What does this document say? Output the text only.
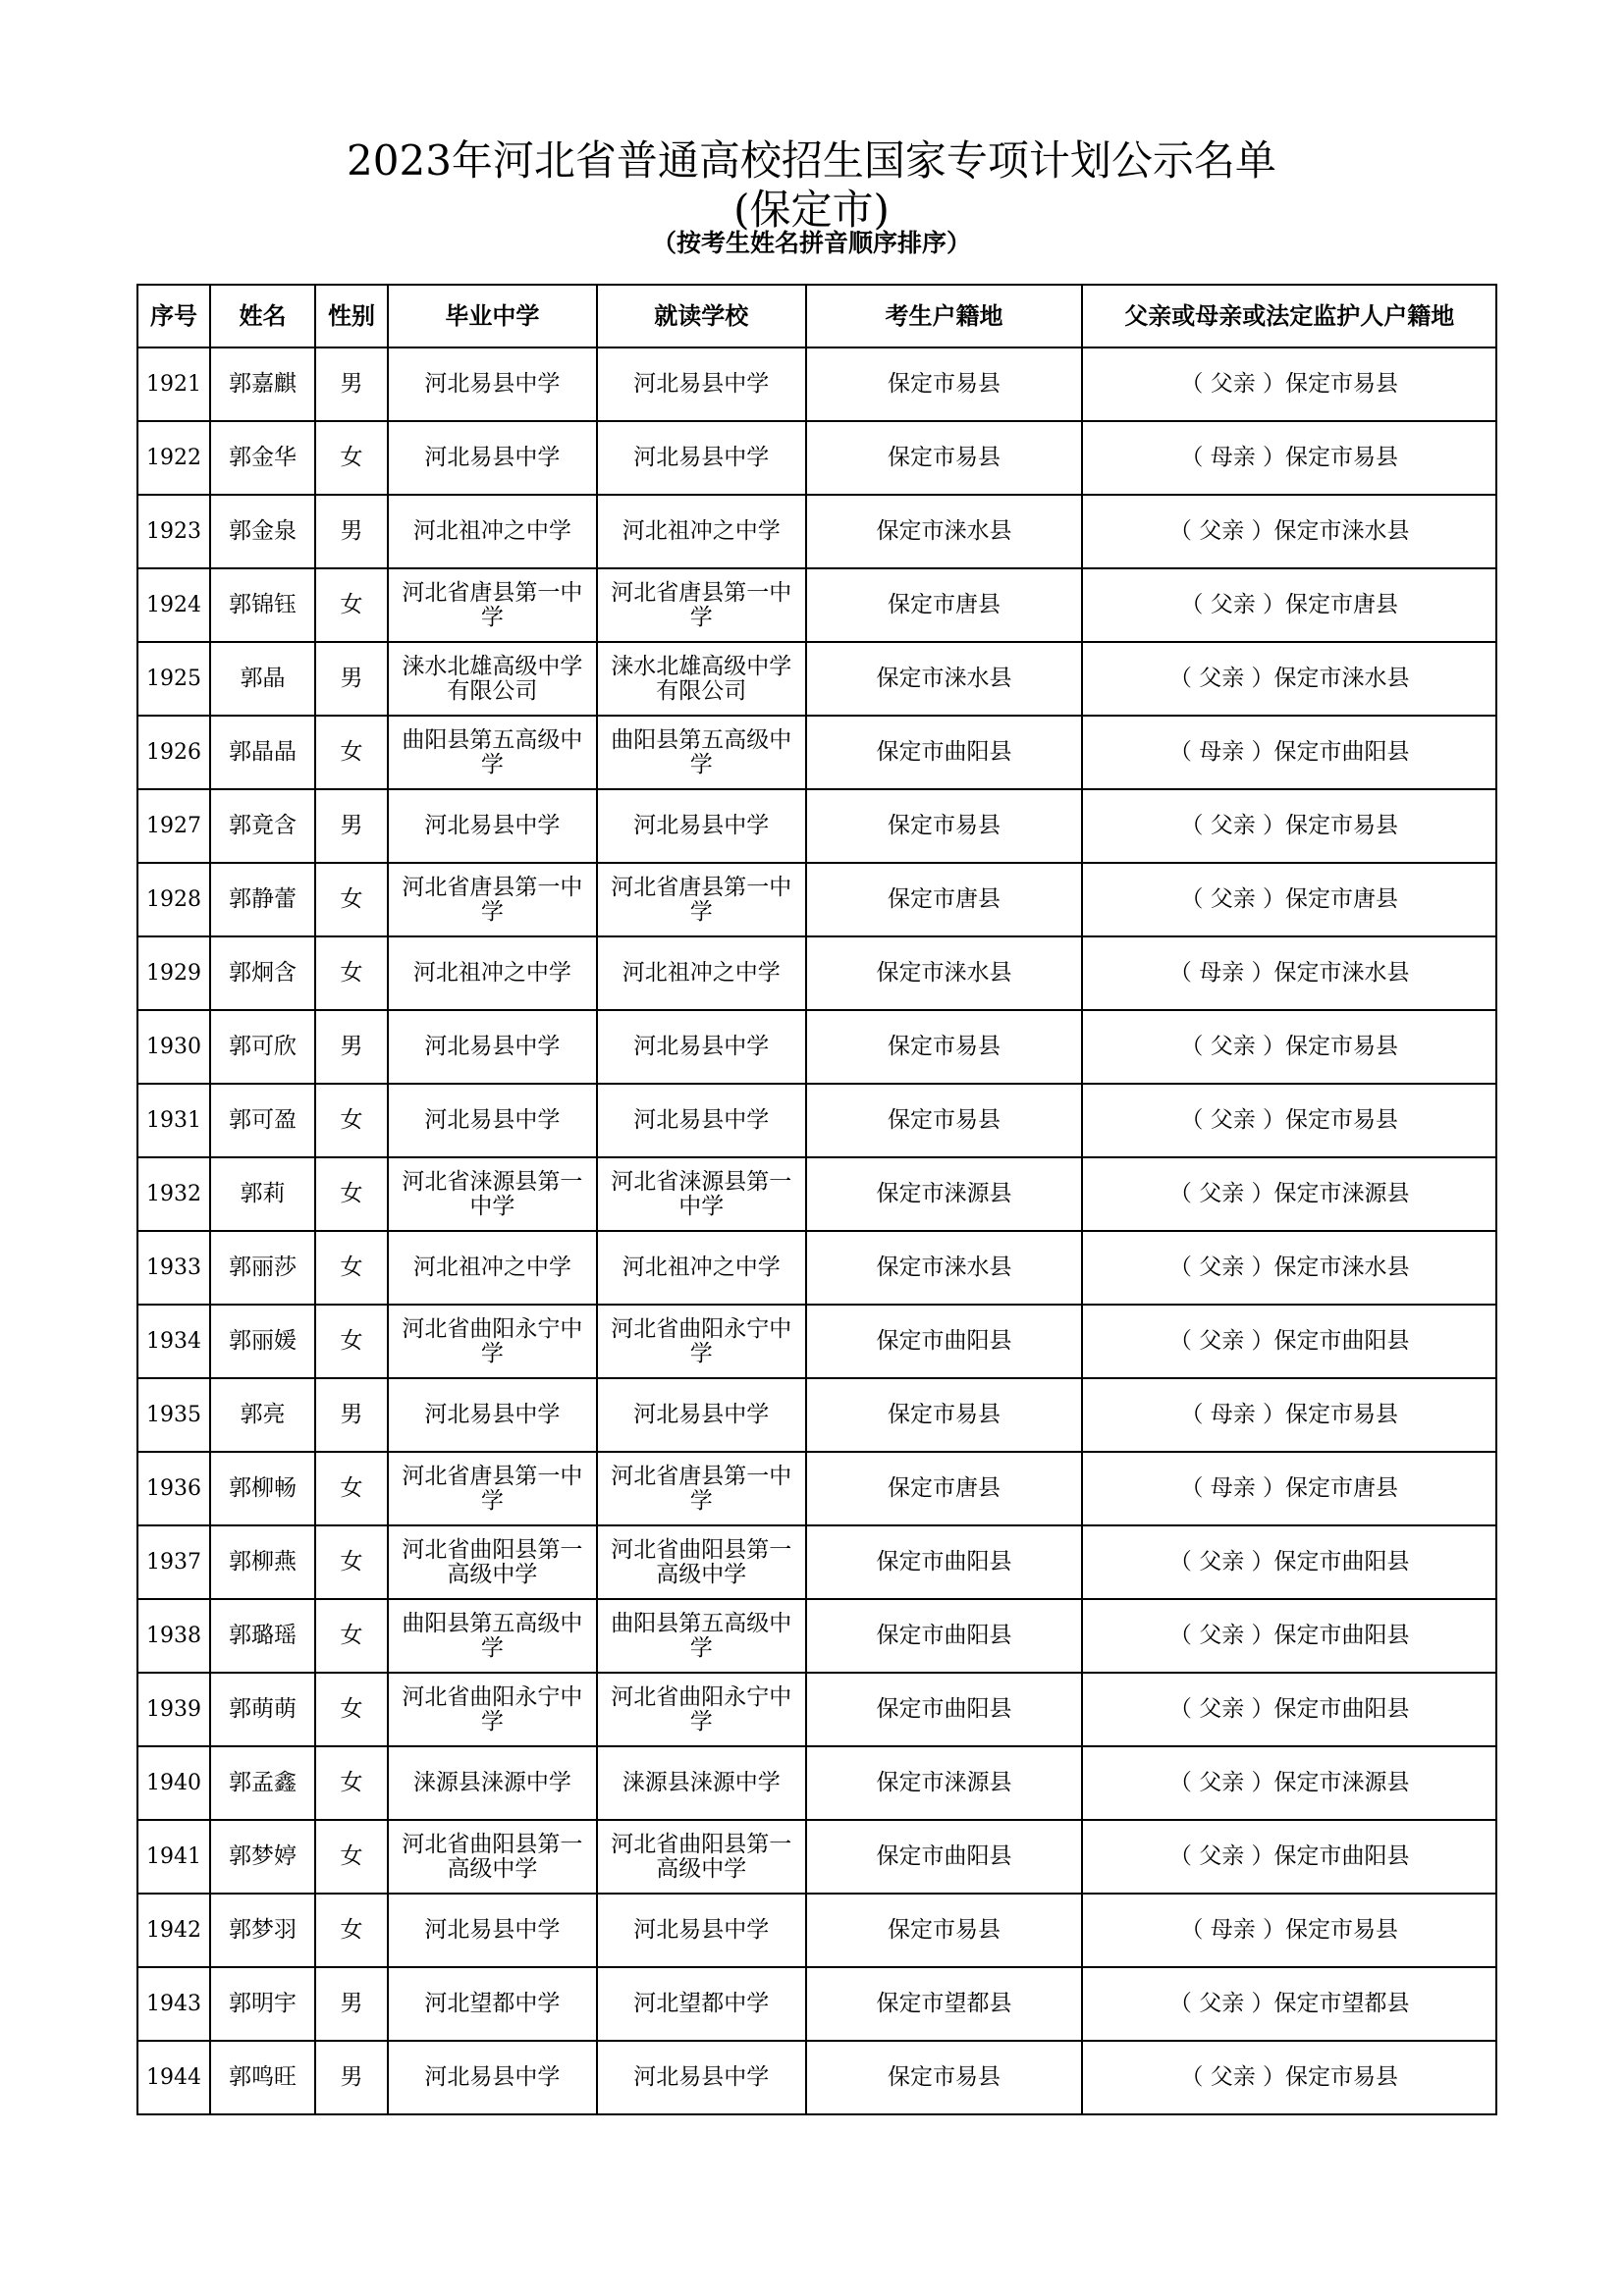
2023年河北省普通高校招生国家专项计划公示名单
(保定市)
（按考生姓名拼音顺序排序）
序号	姓名	性别	毕业中学	就读学校	考生户籍地	父亲或母亲或法定监护人户籍地
1921	郭嘉麒	男	河北易县中学	河北易县中学	保定市易县	（ 父亲 ）保定市易县
1922	郭金华	女	河北易县中学	河北易县中学	保定市易县	（ 母亲 ）保定市易县
1923	郭金泉	男	河北祖冲之中学	河北祖冲之中学	保定市涞水县	（ 父亲 ）保定市涞水县
1924	郭锦钰	女	河北省唐县第一中学	河北省唐县第一中学	保定市唐县	（ 父亲 ）保定市唐县
1925	郭晶	男	涞水北雄高级中学有限公司	涞水北雄高级中学有限公司	保定市涞水县	（ 父亲 ）保定市涞水县
1926	郭晶晶	女	曲阳县第五高级中学	曲阳县第五高级中学	保定市曲阳县	（ 母亲 ）保定市曲阳县
1927	郭竟含	男	河北易县中学	河北易县中学	保定市易县	（ 父亲 ）保定市易县
1928	郭静蕾	女	河北省唐县第一中学	河北省唐县第一中学	保定市唐县	（ 父亲 ）保定市唐县
1929	郭炯含	女	河北祖冲之中学	河北祖冲之中学	保定市涞水县	（ 母亲 ）保定市涞水县
1930	郭可欣	男	河北易县中学	河北易县中学	保定市易县	（ 父亲 ）保定市易县
1931	郭可盈	女	河北易县中学	河北易县中学	保定市易县	（ 父亲 ）保定市易县
1932	郭莉	女	河北省涞源县第一中学	河北省涞源县第一中学	保定市涞源县	（ 父亲 ）保定市涞源县
1933	郭丽莎	女	河北祖冲之中学	河北祖冲之中学	保定市涞水县	（ 父亲 ）保定市涞水县
1934	郭丽媛	女	河北省曲阳永宁中学	河北省曲阳永宁中学	保定市曲阳县	（ 父亲 ）保定市曲阳县
1935	郭亮	男	河北易县中学	河北易县中学	保定市易县	（ 母亲 ）保定市易县
1936	郭柳畅	女	河北省唐县第一中学	河北省唐县第一中学	保定市唐县	（ 母亲 ）保定市唐县
1937	郭柳燕	女	河北省曲阳县第一高级中学	河北省曲阳县第一高级中学	保定市曲阳县	（ 父亲 ）保定市曲阳县
1938	郭璐瑶	女	曲阳县第五高级中学	曲阳县第五高级中学	保定市曲阳县	（ 父亲 ）保定市曲阳县
1939	郭萌萌	女	河北省曲阳永宁中学	河北省曲阳永宁中学	保定市曲阳县	（ 父亲 ）保定市曲阳县
1940	郭孟鑫	女	涞源县涞源中学	涞源县涞源中学	保定市涞源县	（ 父亲 ）保定市涞源县
1941	郭梦婷	女	河北省曲阳县第一高级中学	河北省曲阳县第一高级中学	保定市曲阳县	（ 父亲 ）保定市曲阳县
1942	郭梦羽	女	河北易县中学	河北易县中学	保定市易县	（ 母亲 ）保定市易县
1943	郭明宇	男	河北望都中学	河北望都中学	保定市望都县	（ 父亲 ）保定市望都县
1944	郭鸣旺	男	河北易县中学	河北易县中学	保定市易县	（ 父亲 ）保定市易县
